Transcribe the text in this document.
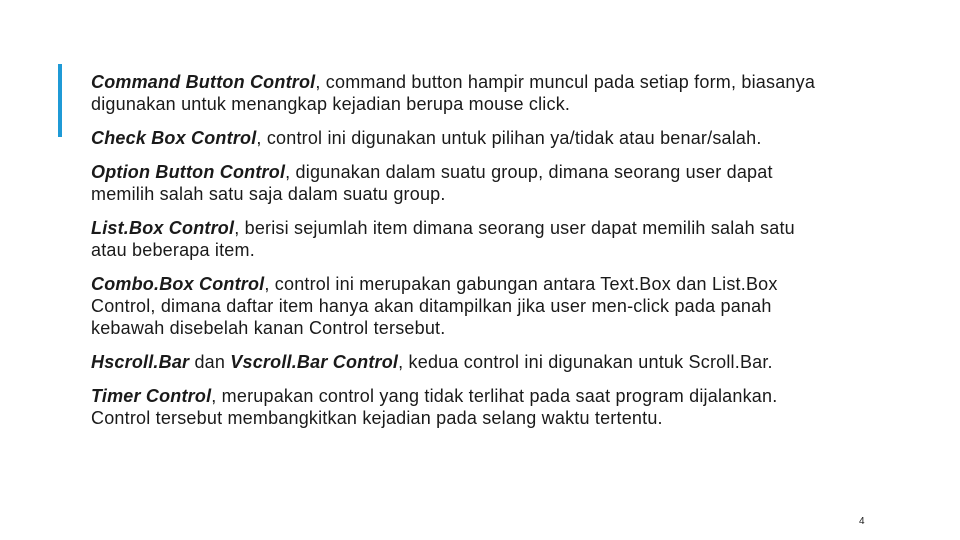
Command Button Control, command button hampir muncul pada setiap form, biasanya digunakan untuk menangkap kejadian berupa mouse click.

Check Box Control, control ini digunakan untuk pilihan ya/tidak atau benar/salah.

Option Button Control, digunakan dalam suatu group, dimana seorang user dapat memilih salah satu saja dalam suatu group.

List.Box Control, berisi sejumlah item dimana seorang user dapat memilih salah satu atau beberapa item.

Combo.Box Control, control ini merupakan gabungan antara Text.Box dan List.Box Control, dimana daftar item hanya akan ditampilkan jika user men-click pada panah kebawah disebelah kanan Control tersebut.

Hscroll.Bar dan Vscroll.Bar Control, kedua control ini digunakan untuk Scroll.Bar.

Timer Control, merupakan control yang tidak terlihat pada saat program dijalankan. Control tersebut membangkitkan kejadian pada selang waktu tertentu.

4
